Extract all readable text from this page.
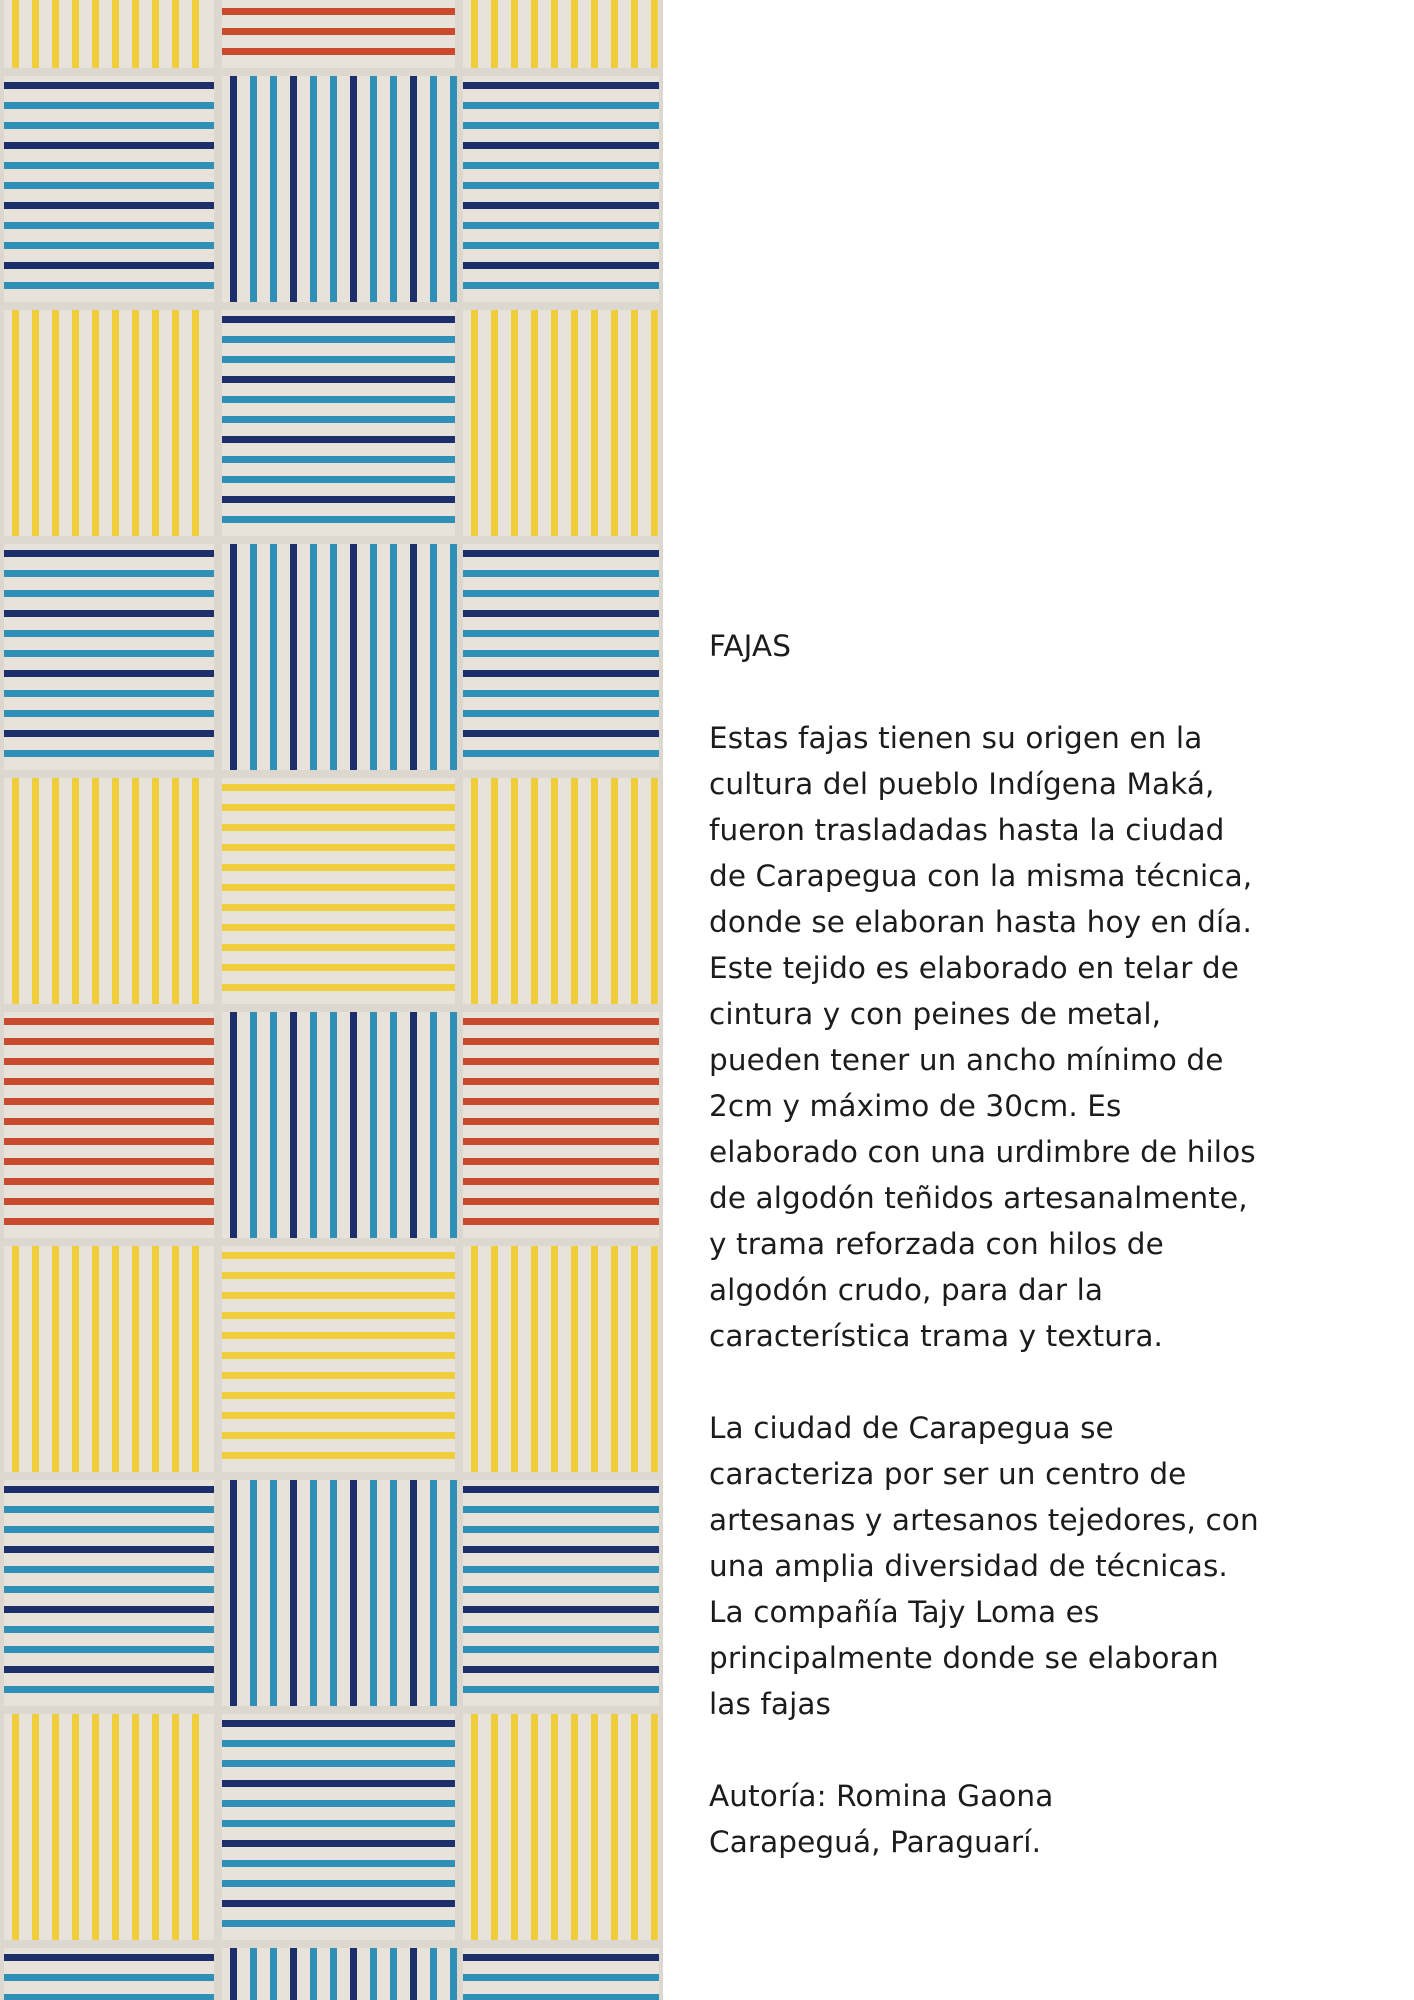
FAJAS

Estas fajas tienen su origen en la
cultura del pueblo Indígena Maká,
fueron trasladadas hasta la ciudad
de Carapegua con la misma técnica,
donde se elaboran hasta hoy en día.
Este tejido es elaborado en telar de
cintura y con peines de metal,
pueden tener un ancho mínimo de
2cm y máximo de 30cm. Es
elaborado con una urdimbre de hilos
de algodón teñidos artesanalmente,
y trama reforzada con hilos de
algodón crudo, para dar la
característica trama y textura.

La ciudad de Carapegua se
caracteriza por ser un centro de
artesanas y artesanos tejedores, con
una amplia diversidad de técnicas.
La compañía Tajy Loma es
principalmente donde se elaboran
las fajas

Autoría: Romina Gaona

Carapeguá, Paraguarí.
